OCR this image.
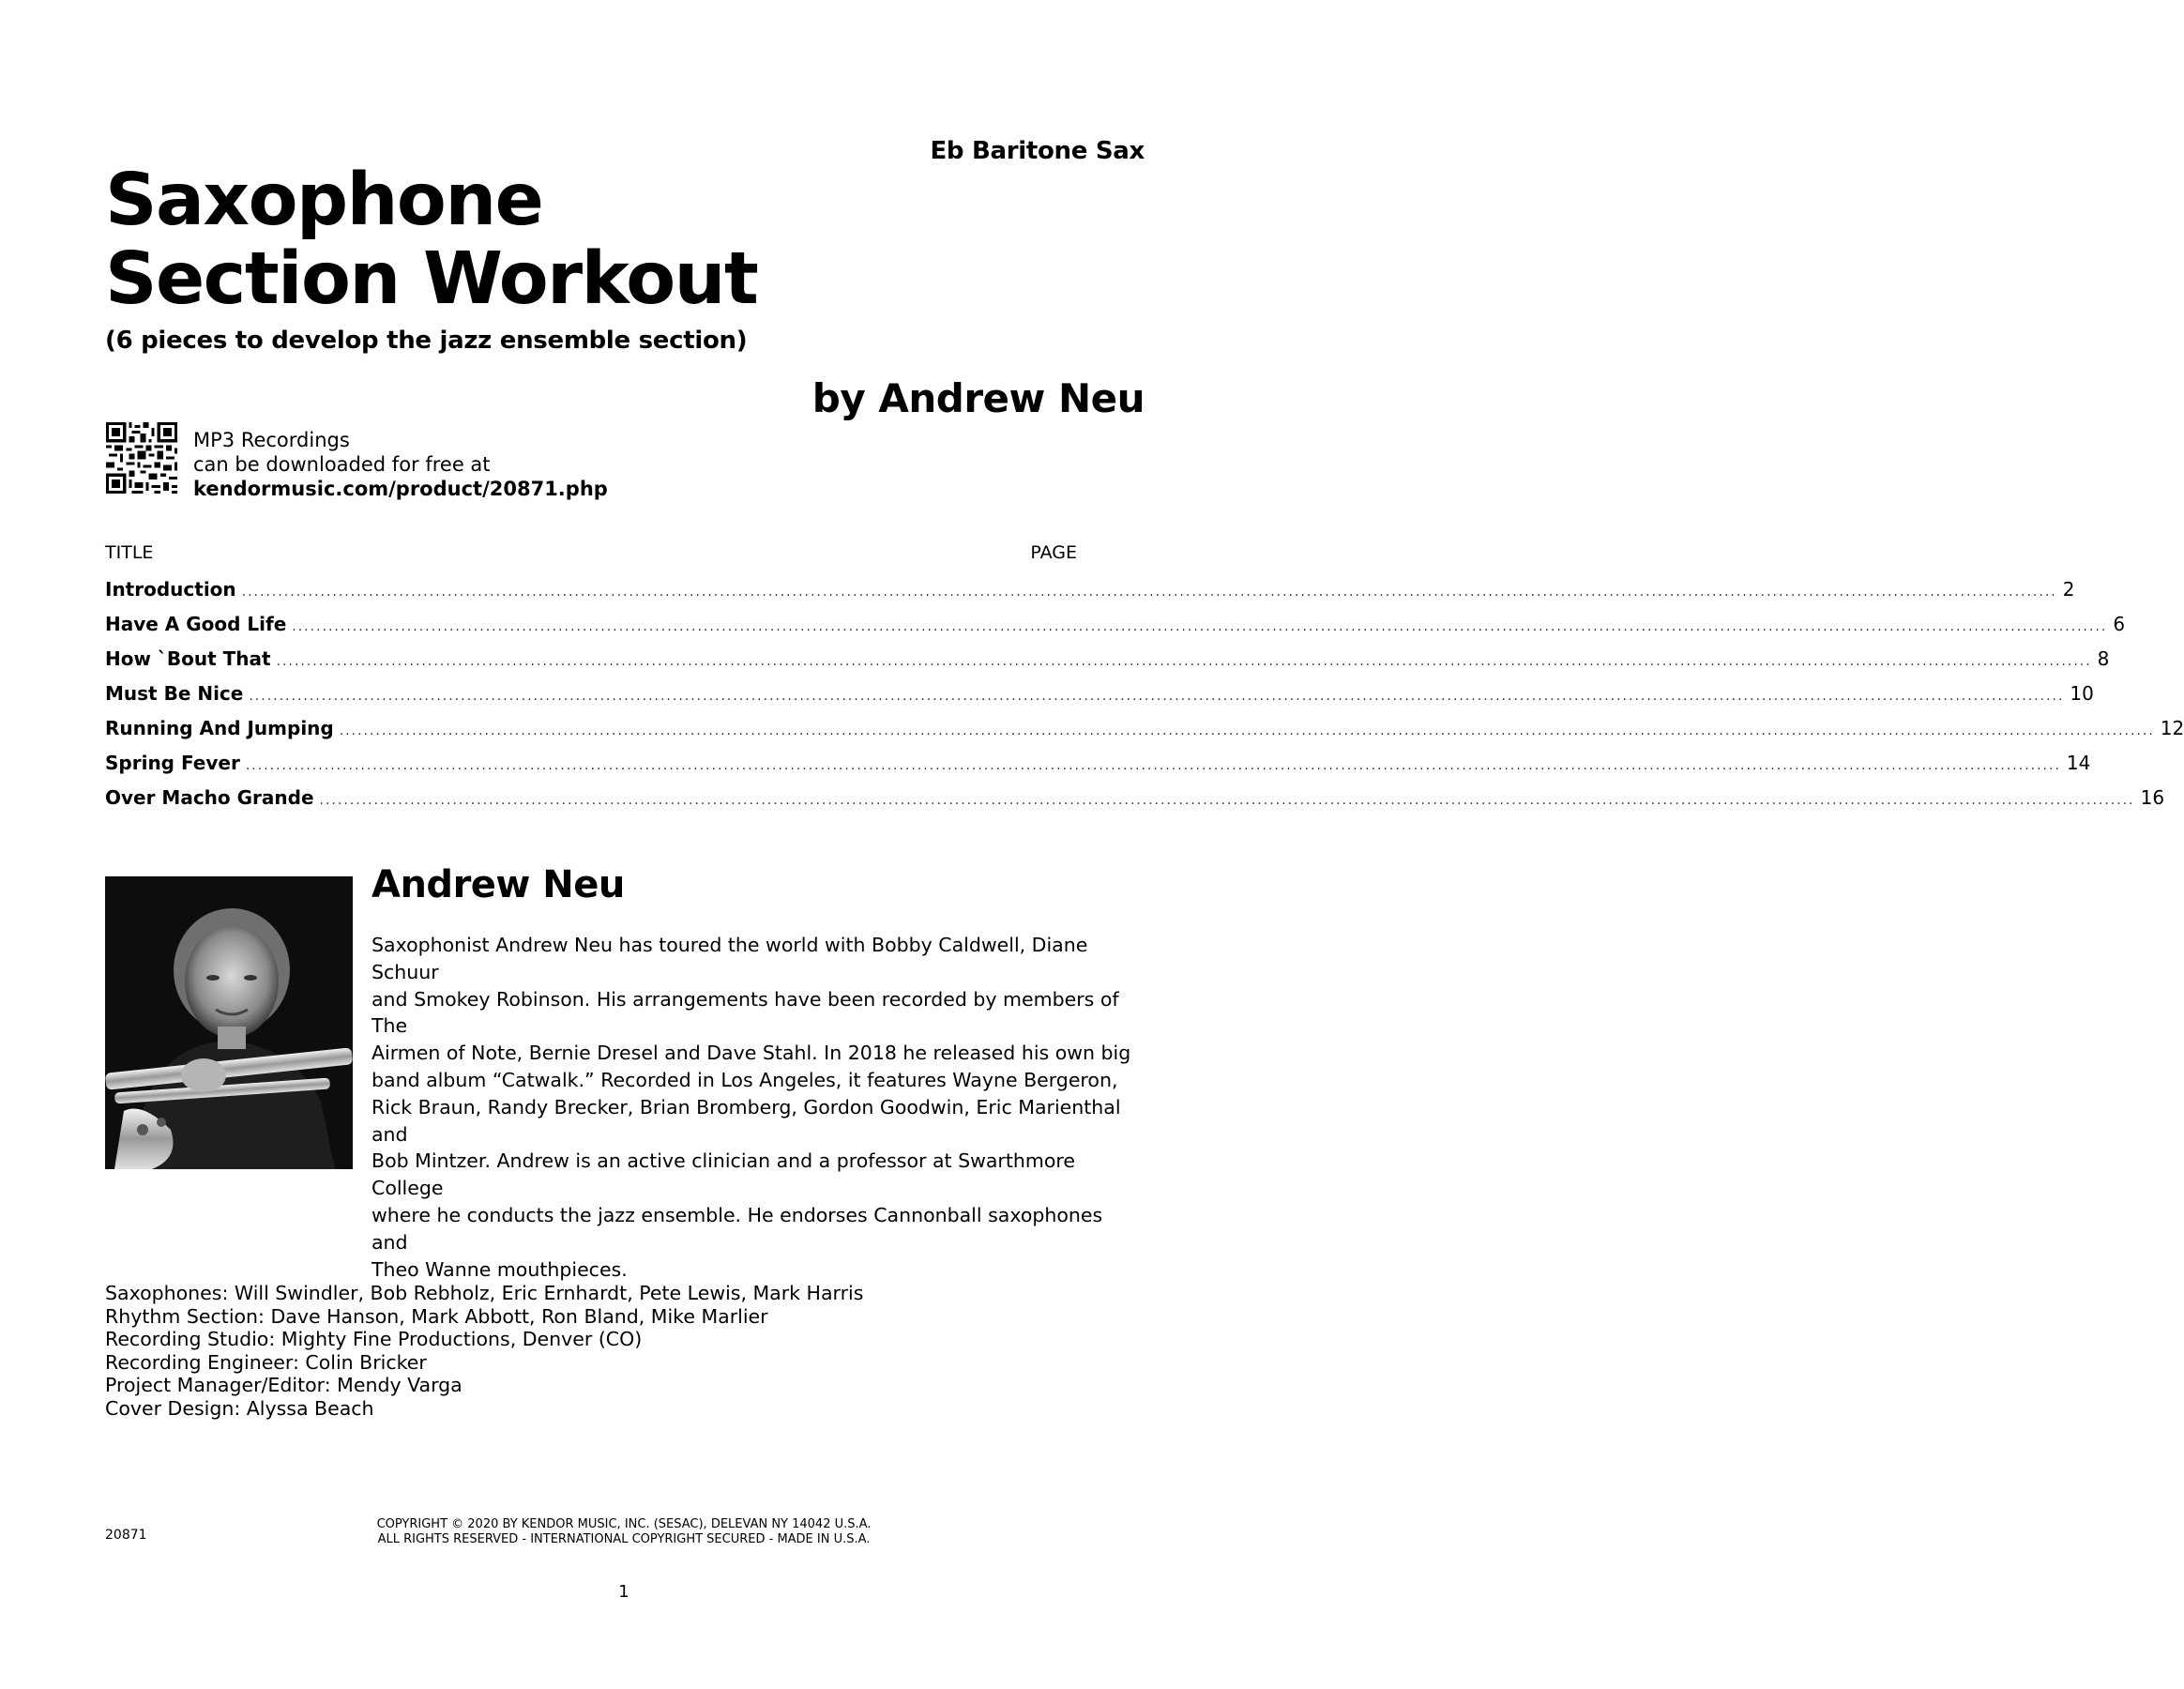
Eb Baritone Sax
Saxophone
Section Workout
(6 pieces to develop the jazz ensemble section)
by Andrew Neu
MP3 Recordings
can be downloaded for free at
kendormusic.com/product/20871.php
TITLE	PAGE
Introduction ............................................................................................................................................................................................................................................................................................................ 2
Have A Good Life ............................................................................................................................................................................................................................................................................................................ 6
How `Bout That ............................................................................................................................................................................................................................................................................................................ 8
Must Be Nice ............................................................................................................................................................................................................................................................................................................ 10
Running And Jumping ............................................................................................................................................................................................................................................................................................................ 12
Spring Fever ............................................................................................................................................................................................................................................................................................................ 14
Over Macho Grande ............................................................................................................................................................................................................................................................................................................ 16
Andrew Neu
Saxophonist Andrew Neu has toured the world with Bobby Caldwell, Diane Schuur
and Smokey Robinson. His arrangements have been recorded by members of The
Airmen of Note, Bernie Dresel and Dave Stahl. In 2018 he released his own big
band album “Catwalk.” Recorded in Los Angeles, it features Wayne Bergeron,
Rick Braun, Randy Brecker, Brian Bromberg, Gordon Goodwin, Eric Marienthal and
Bob Mintzer. Andrew is an active clinician and a professor at Swarthmore College
where he conducts the jazz ensemble. He endorses Cannonball saxophones and
Theo Wanne mouthpieces.
Saxophones: Will Swindler, Bob Rebholz, Eric Ernhardt, Pete Lewis, Mark Harris
Rhythm Section: Dave Hanson, Mark Abbott, Ron Bland, Mike Marlier
Recording Studio: Mighty Fine Productions, Denver (CO)
Recording Engineer: Colin Bricker
Project Manager/Editor: Mendy Varga
Cover Design: Alyssa Beach
20871
COPYRIGHT © 2020 BY KENDOR MUSIC, INC. (SESAC), DELEVAN NY 14042 U.S.A.
ALL RIGHTS RESERVED - INTERNATIONAL COPYRIGHT SECURED - MADE IN U.S.A.
1
